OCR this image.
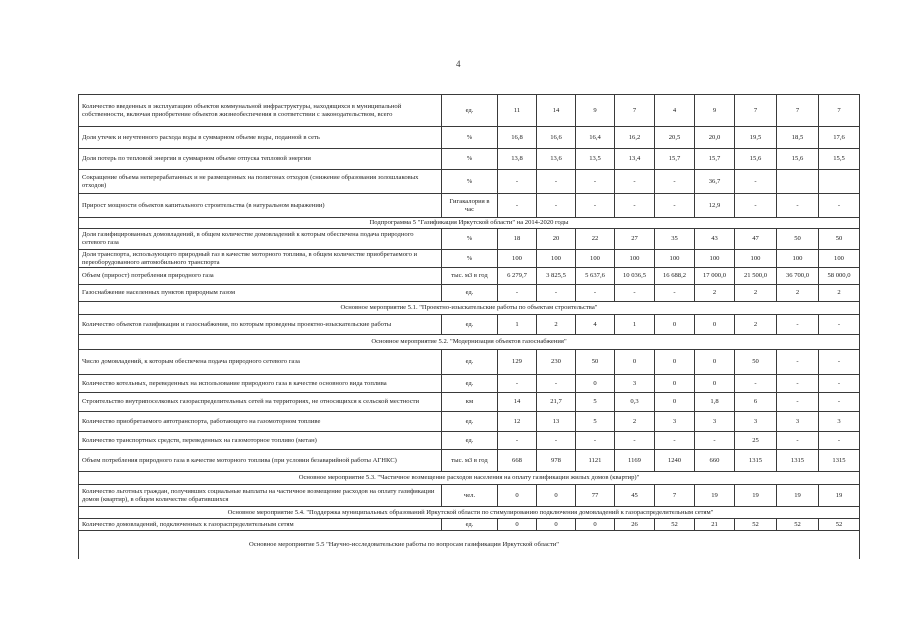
4
Количество введенных в эксплуатацию объектов коммунальной инфраструктуры, находящихся в муниципальной собственности, включая приобретение объектов жизнеобеспечения в соответствии с законодательством, всего	ед.	11	14	9	7	4	9	7	7	7
Доля утечек и неучтенного расхода воды в суммарном объеме воды, поданной в сеть	%	16,8	16,6	16,4	16,2	20,5	20,0	19,5	18,5	17,6
Доля потерь по тепловой энергии в суммарном объеме отпуска тепловой энергии	%	13,8	13,6	13,5	13,4	15,7	15,7	15,6	15,6	15,5
Сокращение объема неперерабатанных и не размещенных на полигонах отходов (снижение образования золошлаковых отходов)	%	-	-	-	-	-	36,7	-		
Прирост мощности объектов капитального строительства (в натуральном выражении)	Гигакалория в час	-	-	-	-	-	12,9	-	-	-
Подпрограмма 5 "Газификация Иркутской области" на 2014-2020 годы										
Доля газифицированных домовладений, в общем количестве домовладений к которым обеспечена подача природного сетевого газа	%	18	20	22	27	35	43	47	50	50
Доля транспорта, использующего природный газ в качестве моторного топлива, в общем количестве приобретаемого и переоборудованного автомобильного транспорта	%	100	100	100	100	100	100	100	100	100
Объем (прирост) потребления природного газа	тыс. м3 в год	6 279,7	3 825,5	5 637,6	10 036,5	16 688,2	17 000,0	21 500,0	36 700,0	58 000,0
Газоснабжение населенных пунктов природным газом	ед.	-	-	-	-	-	2	2	2	2
Основное мероприятие 5.1. "Проектно-изыскательские работы по объектам строительства"										
Количество объектов газификации и газоснабжения, по которым проведены проектно-изыскательские работы	ед.	1	2	4	1	0	0	2	-	-
Основное мероприятие 5.2. "Модернизация объектов газоснабжения"										
Число домовладений, к которым обеспечена подача природного сетевого газа	ед.	129	230	50	0	0	0	50	-	-
Количество котельных, переведенных на использование природного газа в качестве основного вида топлива	ед.	-	-	0	3	0	0	-	-	-
Строительство внутрипоселковых газораспределительных сетей на территориях, не относящихся к сельской местности	км	14	21,7	5	0,3	0	1,8	6	-	-
Количество приобретаемого автотранспорта, работающего на газомоторном топливе	ед.	12	13	5	2	3	3	3	3	3
Количество транспортных средств, переведенных на газомоторное топливо (метан)	ед.	-	-	-	-	-	-	25	-	-
Объем потребления природного газа в качестве моторного топлива (при условии безаварийной работы АГНКС)	тыс. м3 в год	668	978	1121	1169	1240	660	1315	1315	1315
Основное мероприятие 5.3. "Частичное возмещение расходов населения на оплату газификации жилых домов (квартир)"										
Количество льготных граждан, получивших социальные выплаты на частичное возмещение расходов на оплату газификации домов (квартир), в общем количестве обратившихся	чел.	0	0	77	45	7	19	19	19	19
Основное мероприятие 5.4. "Поддержка муниципальных образований Иркутской области по стимулированию подключения домовладений к газораспределительным сетям"										
Количество домовладений, подключенных к газораспределительным сетям	ед.	0	0	0	26	52	21	52	52	52
Основное мероприятие 5.5 "Научно-исследовательские работы по вопросам газификации Иркутской области"										
